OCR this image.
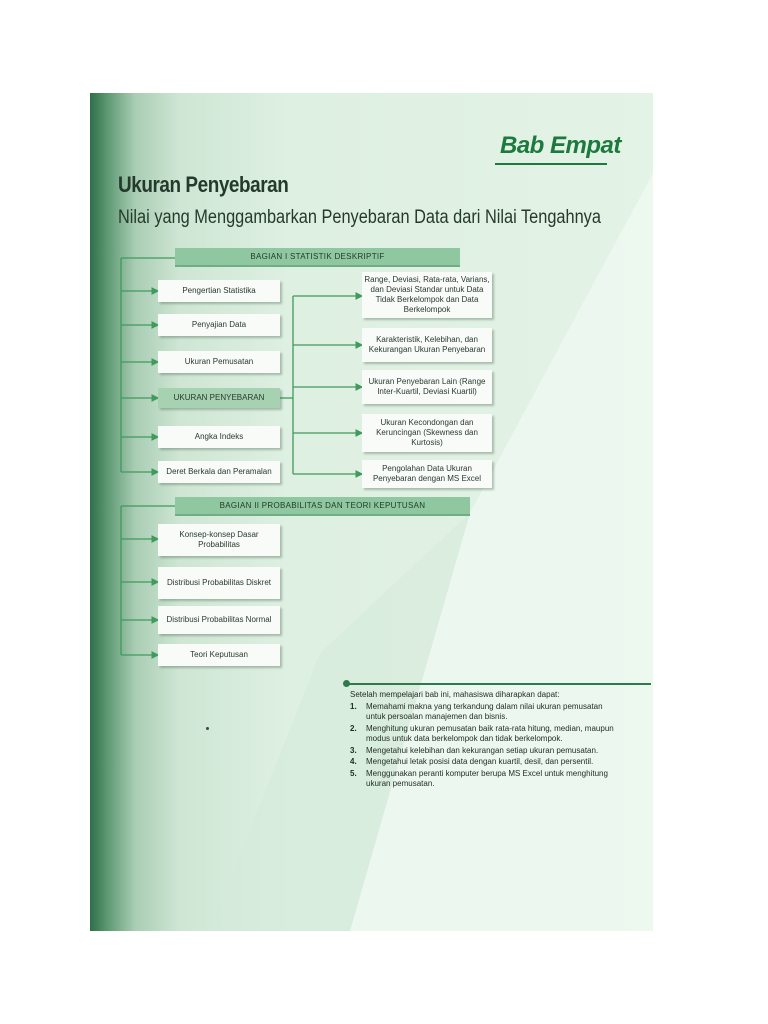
Bab Empat
Ukuran Penyebaran
Nilai yang Menggambarkan Penyebaran Data dari Nilai Tengahnya
BAGIAN I STATISTIK DESKRIPTIF
Pengertian Statistika
Penyajian Data
Ukuran Pemusatan
UKURAN PENYEBARAN
Angka Indeks
Deret Berkala dan Peramalan
Range, Deviasi, Rata-rata, Varians, dan Deviasi Standar untuk Data Tidak Berkelompok dan Data Berkelompok
Karakteristik, Kelebihan, dan Kekurangan Ukuran Penyebaran
Ukuran Penyebaran Lain (Range Inter-Kuartil, Deviasi Kuartil)
Ukuran Kecondongan dan Keruncingan (Skewness dan Kurtosis)
Pengolahan Data Ukuran Penyebaran dengan MS Excel
BAGIAN II PROBABILITAS DAN TEORI KEPUTUSAN
Konsep-konsep Dasar Probabilitas
Distribusi Probabilitas Diskret
Distribusi Probabilitas Normal
Teori Keputusan
Setelah mempelajari bab ini, mahasiswa diharapkan dapat:
1.	Memahami makna yang terkandung dalam nilai ukuran pemusatan untuk persoalan manajemen dan bisnis.
2.	Menghitung ukuran pemusatan baik rata-rata hitung, median, maupun modus untuk data berkelompok dan tidak berkelompok.
3.	Mengetahui kelebihan dan kekurangan setiap ukuran pemusatan.
4.	Mengetahui letak posisi data dengan kuartil, desil, dan persentil.
5.	Menggunakan peranti komputer berupa MS Excel untuk menghitung ukuran pemusatan.
